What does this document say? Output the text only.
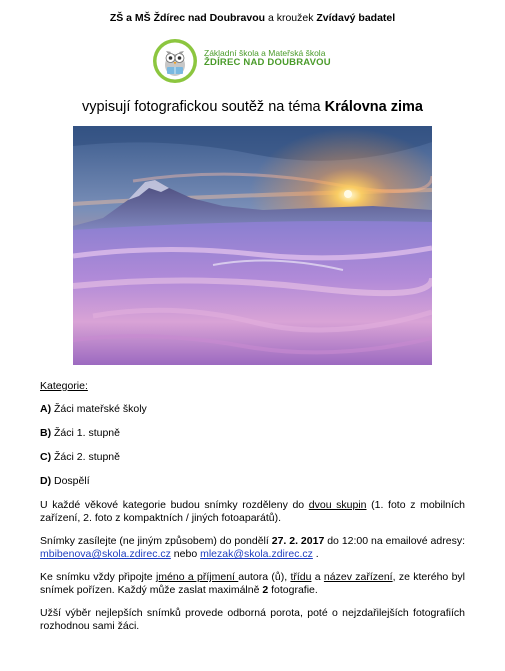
ZŠ a MŠ Ždírec nad Doubravou a kroužek Zvídavý badatel
Základní škola a Mateřská škola
ŽDÍREC NAD DOUBRAVOU
vypisují fotografickou soutěž na téma Královna zima
Kategorie:
A) Žáci mateřské školy
B) Žáci 1. stupně
C) Žáci 2. stupně
D) Dospělí

U každé věkové kategorie budou snímky rozděleny do dvou skupin (1. foto z mobilních zařízení, 2. foto z kompaktních / jiných fotoaparátů).

Snímky zasílejte (ne jiným způsobem) do pondělí 27. 2. 2017 do 12:00 na emailové adresy: mbibenova@skola.zdirec.cz nebo mlezak@skola.zdirec.cz .

Ke snímku vždy připojte jméno a příjmení autora (ů), třídu a název zařízení, ze kterého byl snímek pořízen. Každý může zaslat maximálně 2 fotografie.

Užší výběr nejlepších snímků provede odborná porota, poté o nejzdařilejších fotografiích rozhodnou sami žáci.
